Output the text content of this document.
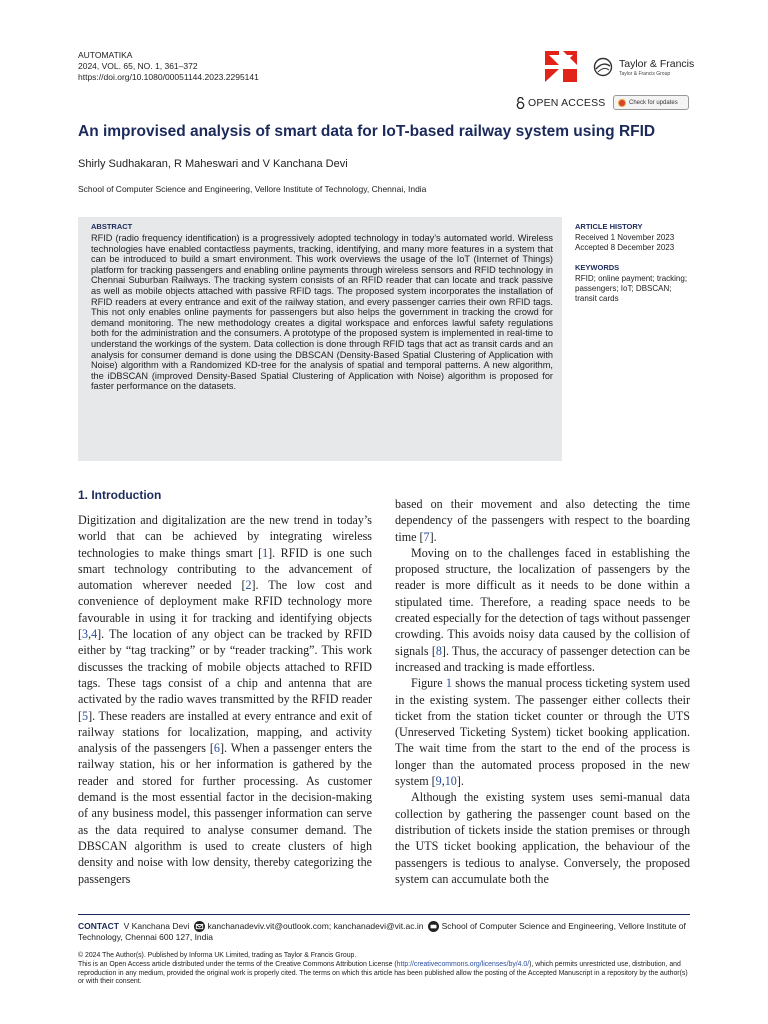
AUTOMATIKA
2024, VOL. 65, NO. 1, 361–372
https://doi.org/10.1080/00051144.2023.2295141
Taylor & Francis
Taylor & Francis Group
OPEN ACCESS	Check for updates
An improvised analysis of smart data for IoT-based railway system using RFID
Shirly Sudhakaran, R Maheswari and V Kanchana Devi
School of Computer Science and Engineering, Vellore Institute of Technology, Chennai, India
ABSTRACT
RFID (radio frequency identification) is a progressively adopted technology in today’s automated world. Wireless technologies have enabled contactless payments, tracking, identifying, and many more features in a system that can be introduced to build a smart environment. This work overviews the usage of the IoT (Internet of Things) platform for tracking passengers and enabling online payments through wireless sensors and RFID technology in Chennai Suburban Railways. The tracking system consists of an RFID reader that can locate and track passive as well as mobile objects attached with passive RFID tags. The proposed system incorporates the installation of RFID readers at every entrance and exit of the railway station, and every passenger carries their own RFID tags. This not only enables online payments for passengers but also helps the government in tracking the crowd for demand monitoring. The new methodology creates a digital workspace and enforces lawful safety regulations both for the administration and the consumers. A prototype of the proposed system is implemented in real-time to understand the workings of the system. Data collection is done through RFID tags that act as transit cards and an analysis for consumer demand is done using the DBSCAN (Density-Based Spatial Clustering of Application with Noise) algorithm with a Randomized KD-tree for the analysis of spatial and temporal patterns. A new algorithm, the iDBSCAN (improved Density-Based Spatial Clustering of Application with Noise) algorithm is proposed for faster performance on the datasets.
ARTICLE HISTORY
Received 1 November 2023
Accepted 8 December 2023
KEYWORDS
RFID; online payment; tracking; passengers; IoT; DBSCAN; transit cards
1. Introduction

Digitization and digitalization are the new trend in today’s world that can be achieved by integrating wireless technologies to make things smart [1]. RFID is one such smart technology contributing to the advancement of automation wherever needed [2]. The low cost and convenience of deployment make RFID technology more favourable in using it for tracking and identifying objects [3,4]. The location of any object can be tracked by RFID either by “tag tracking” or by “reader tracking”. This work discusses the tracking of mobile objects attached to RFID tags. These tags consist of a chip and antenna that are activated by the radio waves transmitted by the RFID reader [5]. These readers are installed at every entrance and exit of railway stations for localization, mapping, and activity analysis of the passengers [6]. When a passenger enters the railway station, his or her information is gathered by the reader and stored for further processing. As customer demand is the most essential factor in the decision-making of any business model, this passenger information can serve as the data required to analyse consumer demand. The DBSCAN algorithm is used to create clusters of high density and noise with low density, thereby categorizing the passengers

based on their movement and also detecting the time dependency of the passengers with respect to the boarding time [7].

Moving on to the challenges faced in establishing the proposed structure, the localization of passengers by the reader is more difficult as it needs to be done within a stipulated time. Therefore, a reading space needs to be created especially for the detection of tags without passenger crowding. This avoids noisy data caused by the collision of signals [8]. Thus, the accuracy of passenger detection can be increased and tracking is made effortless.

Figure 1 shows the manual process ticketing system used in the existing system. The passenger either collects their ticket from the station ticket counter or through the UTS (Unreserved Ticketing System) ticket booking application. The wait time from the start to the end of the process is longer than the automated process proposed in the new system [9,10].

Although the existing system uses semi-manual data collection by gathering the passenger count based on the distribution of tickets inside the station premises or through the UTS ticket booking application, the behaviour of the passengers is tedious to analyse. Conversely, the proposed system can accumulate both the

CONTACT V Kanchana Devi kanchanadeviv.vit@outlook.com; kanchanadevi@vit.ac.in School of Computer Science and Engineering, Vellore Institute of Technology, Chennai 600 127, India
© 2024 The Author(s). Published by Informa UK Limited, trading as Taylor & Francis Group.
This is an Open Access article distributed under the terms of the Creative Commons Attribution License (http://creativecommons.org/licenses/by/4.0/), which permits unrestricted use, distribution, and reproduction in any medium, provided the original work is properly cited. The terms on which this article has been published allow the posting of the Accepted Manuscript in a repository by the author(s) or with their consent.
